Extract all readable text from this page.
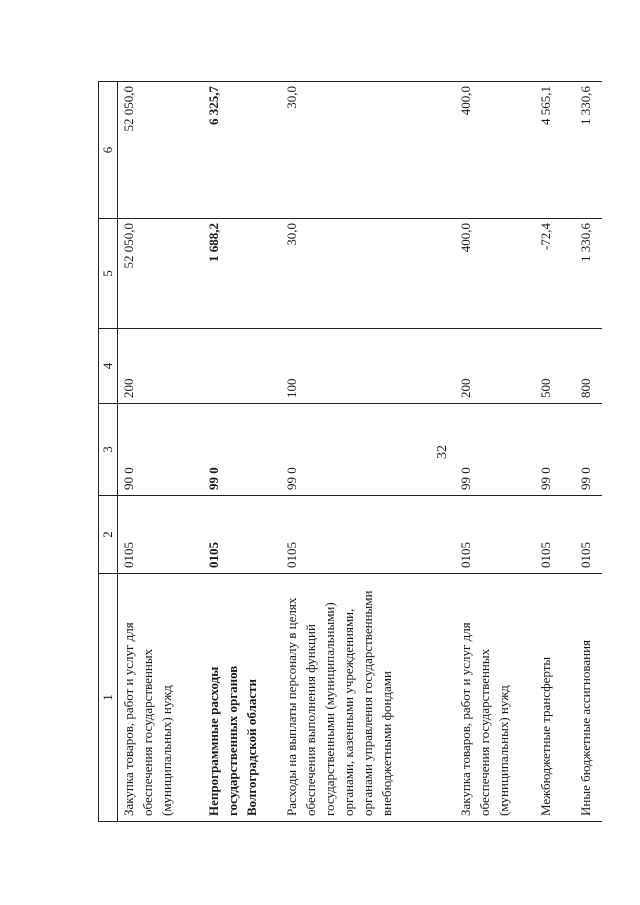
32
1	2	3	4	5	6
Закупка товаров, работ и услуг для обеспечения государственных (муниципальных) нужд	0105	90 0	200	52 050,0	52 050,0
Непрограммные расходы государственных органов Волгоградской области	0105	99 0		1 688,2	6 325,7
Расходы на выплаты персоналу в целях обеспечения выполнения функций государственными (муниципальными) органами, казенными учреждениями, органами управления государственными внебюджетными фондами	0105	99 0	100	30,0	30,0
Закупка товаров, работ и услуг для обеспечения государственных (муниципальных) нужд	0105	99 0	200	400,0	400,0
Межбюджетные трансферты	0105	99 0	500	-72,4	4 565,1
Иные бюджетные ассигнования	0105	99 0	800	1 330,6	1 330,6
